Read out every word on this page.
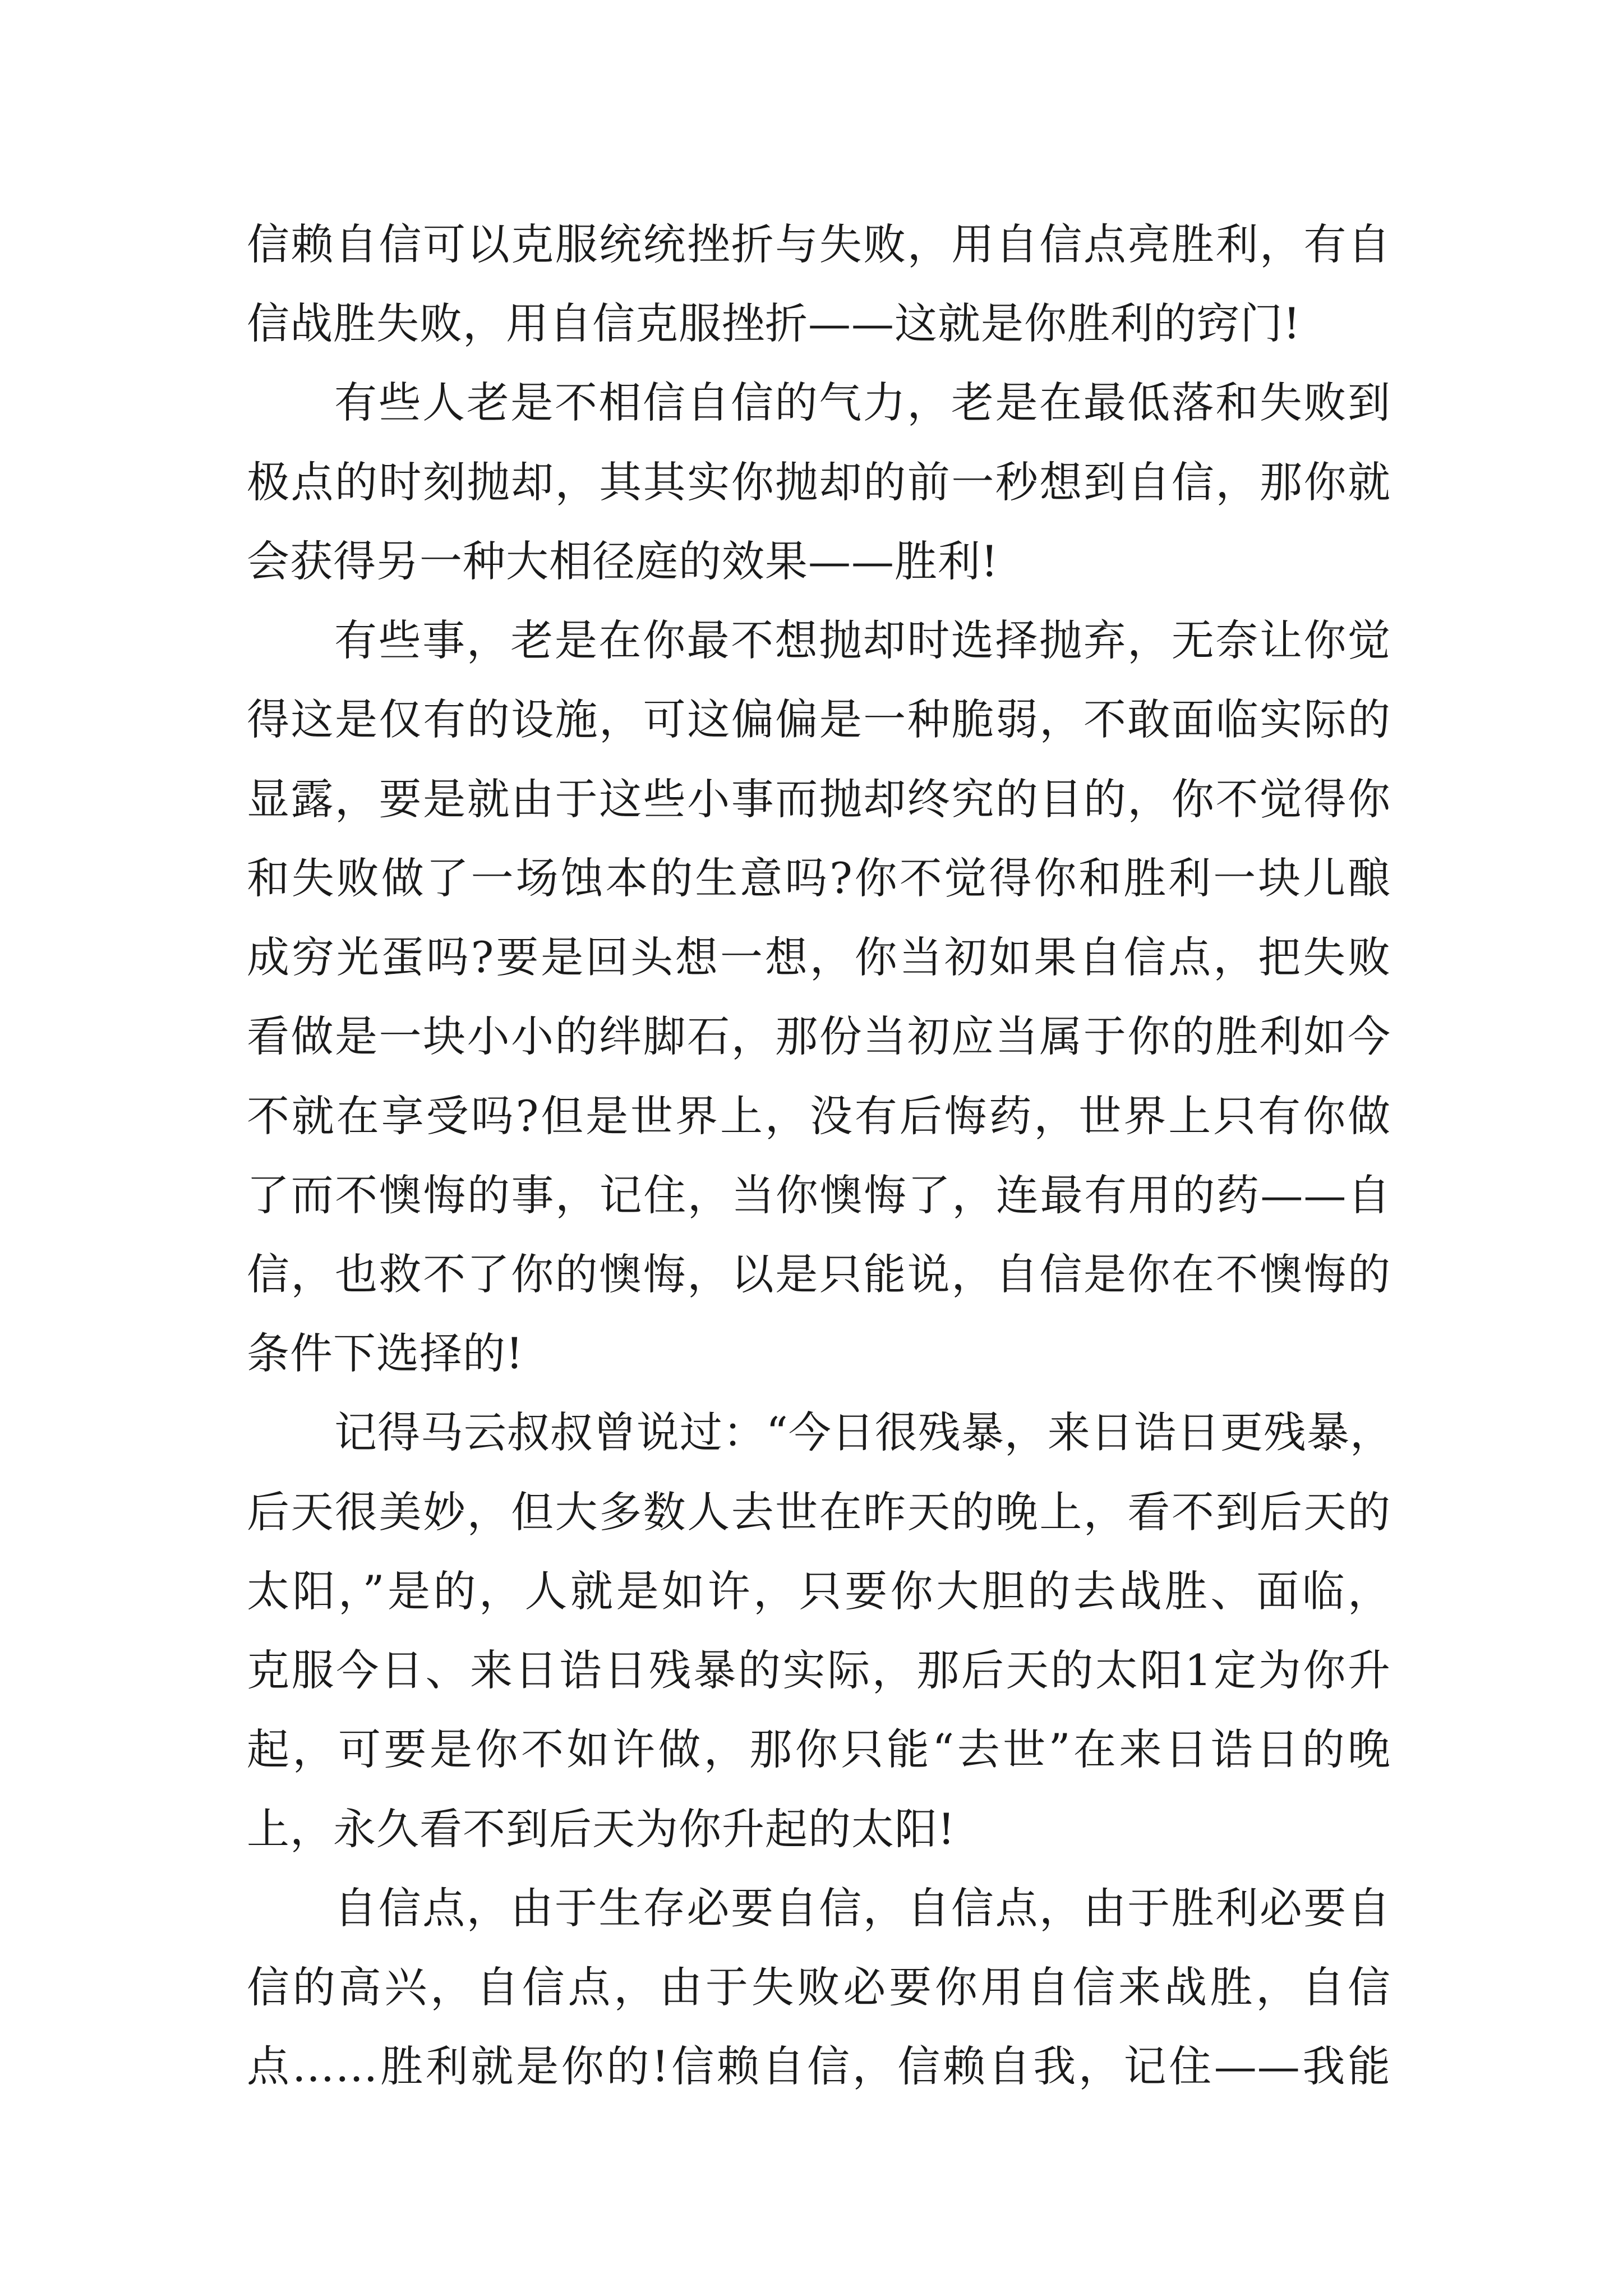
信赖自信可以克服统统挫折与失败，用自信点亮胜利，有自
信战胜失败，用自信克服挫折——这就是你胜利的窍门!
有些人老是不相信自信的气力，老是在最低落和失败到
极点的时刻抛却，其其实你抛却的前一秒想到自信，那你就
会获得另一种大相径庭的效果——胜利!
有些事，老是在你最不想抛却时选择抛弃，无奈让你觉
得这是仅有的设施，可这偏偏是一种脆弱，不敢面临实际的
显露，要是就由于这些小事而抛却终究的目的，你不觉得你
和失败做了一场蚀本的生意吗?你不觉得你和胜利一块儿酿
成穷光蛋吗?要是回头想一想，你当初如果自信点，把失败
看做是一块小小的绊脚石，那份当初应当属于你的胜利如今
不就在享受吗?但是世界上，没有后悔药，世界上只有你做
了而不懊悔的事，记住，当你懊悔了，连最有用的药——自
信，也救不了你的懊悔，以是只能说，自信是你在不懊悔的
条件下选择的!
记得马云叔叔曾说过：“今日很残暴，来日诰日更残暴，
后天很美妙，但大多数人去世在昨天的晚上，看不到后天的
太阳，”是的，人就是如许，只要你大胆的去战胜、面临，
克服今日、来日诰日残暴的实际，那后天的太阳1定为你升
起，可要是你不如许做，那你只能“去世”在来日诰日的晚
上，永久看不到后天为你升起的太阳!
自信点，由于生存必要自信，自信点，由于胜利必要自
信的高兴，自信点，由于失败必要你用自信来战胜，自信
点……胜利就是你的!信赖自信，信赖自我，记住——我能
